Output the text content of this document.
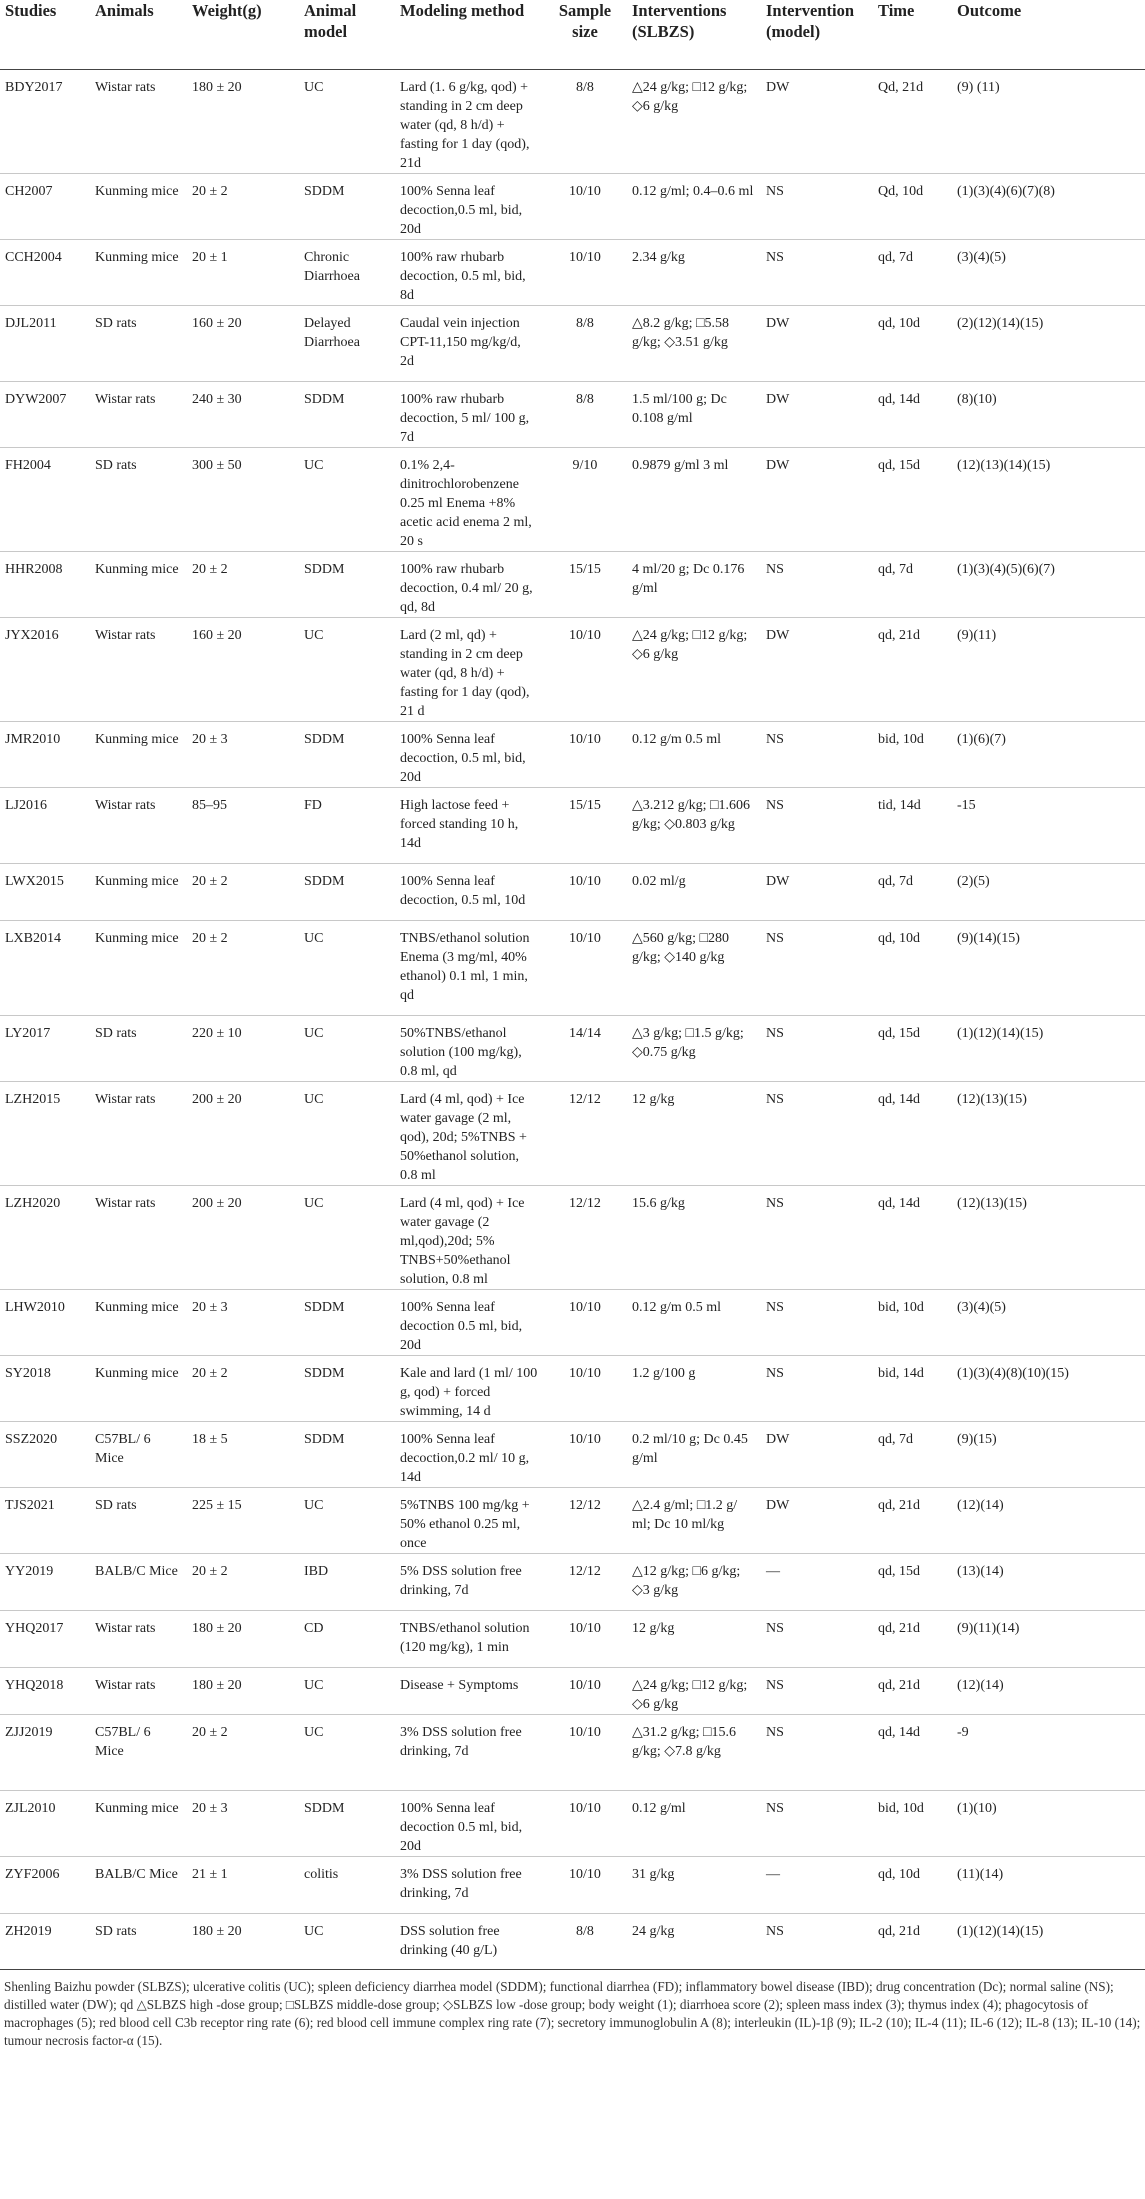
Studies	Animals	Weight(g)	Animal model	Modeling method	Sample size	Interventions (SLBZS)	Intervention (model)	Time	Outcome
BDY2017	Wistar rats	180 ± 20	UC	Lard (1. 6 g/kg, qod) + standing in 2 cm deep water (qd, 8 h/d) + fasting for 1 day (qod), 21d	8/8	△24 g/kg; □12 g/kg; ◇6 g/kg	DW	Qd, 21d	(9) (11)
CH2007	Kunming mice	20 ± 2	SDDM	100% Senna leaf decoction,0.5 ml, bid, 20d	10/10	0.12 g/ml; 0.4–0.6 ml	NS	Qd, 10d	(1)(3)(4)(6)(7)(8)
CCH2004	Kunming mice	20 ± 1	Chronic Diarrhoea	100% raw rhubarb decoction, 0.5 ml, bid, 8d	10/10	2.34 g/kg	NS	qd, 7d	(3)(4)(5)
DJL2011	SD rats	160 ± 20	Delayed Diarrhoea	Caudal vein injection CPT-11,150 mg/kg/d, 2d	8/8	△8.2 g/kg; □5.58 g/kg; ◇3.51 g/kg	DW	qd, 10d	(2)(12)(14)(15)
DYW2007	Wistar rats	240 ± 30	SDDM	100% raw rhubarb decoction, 5 ml/ 100 g, 7d	8/8	1.5 ml/100 g; Dc 0.108 g/ml	DW	qd, 14d	(8)(10)
FH2004	SD rats	300 ± 50	UC	0.1% 2,4-dinitrochlorobenzene 0.25 ml Enema +8% acetic acid enema 2 ml, 20 s	9/10	0.9879 g/ml 3 ml	DW	qd, 15d	(12)(13)(14)(15)
HHR2008	Kunming mice	20 ± 2	SDDM	100% raw rhubarb decoction, 0.4 ml/ 20 g, qd, 8d	15/15	4 ml/20 g; Dc 0.176 g/ml	NS	qd, 7d	(1)(3)(4)(5)(6)(7)
JYX2016	Wistar rats	160 ± 20	UC	Lard (2 ml, qd) + standing in 2 cm deep water (qd, 8 h/d) + fasting for 1 day (qod), 21 d	10/10	△24 g/kg; □12 g/kg; ◇6 g/kg	DW	qd, 21d	(9)(11)
JMR2010	Kunming mice	20 ± 3	SDDM	100% Senna leaf decoction, 0.5 ml, bid, 20d	10/10	0.12 g/m 0.5 ml	NS	bid, 10d	(1)(6)(7)
LJ2016	Wistar rats	85–95	FD	High lactose feed + forced standing 10 h, 14d	15/15	△3.212 g/kg; □1.606 g/kg; ◇0.803 g/kg	NS	tid, 14d	-15
LWX2015	Kunming mice	20 ± 2	SDDM	100% Senna leaf decoction, 0.5 ml, 10d	10/10	0.02 ml/g	DW	qd, 7d	(2)(5)
LXB2014	Kunming mice	20 ± 2	UC	TNBS/ethanol solution Enema (3 mg/ml, 40% ethanol) 0.1 ml, 1 min, qd	10/10	△560 g/kg; □280 g/kg; ◇140 g/kg	NS	qd, 10d	(9)(14)(15)
LY2017	SD rats	220 ± 10	UC	50%TNBS/ethanol solution (100 mg/kg), 0.8 ml, qd	14/14	△3 g/kg; □1.5 g/kg; ◇0.75 g/kg	NS	qd, 15d	(1)(12)(14)(15)
LZH2015	Wistar rats	200 ± 20	UC	Lard (4 ml, qod) + Ice water gavage (2 ml, qod), 20d; 5%TNBS + 50%ethanol solution, 0.8 ml	12/12	12 g/kg	NS	qd, 14d	(12)(13)(15)
LZH2020	Wistar rats	200 ± 20	UC	Lard (4 ml, qod) + Ice water gavage (2 ml,qod),20d; 5% TNBS+50%ethanol solution, 0.8 ml	12/12	15.6 g/kg	NS	qd, 14d	(12)(13)(15)
LHW2010	Kunming mice	20 ± 3	SDDM	100% Senna leaf decoction 0.5 ml, bid, 20d	10/10	0.12 g/m 0.5 ml	NS	bid, 10d	(3)(4)(5)
SY2018	Kunming mice	20 ± 2	SDDM	Kale and lard (1 ml/ 100 g, qod) + forced swimming, 14 d	10/10	1.2 g/100 g	NS	bid, 14d	(1)(3)(4)(8)(10)(15)
SSZ2020	C57BL/ 6 Mice	18 ± 5	SDDM	100% Senna leaf decoction,0.2 ml/ 10 g, 14d	10/10	0.2 ml/10 g; Dc 0.45 g/ml	DW	qd, 7d	(9)(15)
TJS2021	SD rats	225 ± 15	UC	5%TNBS 100 mg/kg + 50% ethanol 0.25 ml, once	12/12	△2.4 g/ml; □1.2 g/ ml; Dc 10 ml/kg	DW	qd, 21d	(12)(14)
YY2019	BALB/C Mice	20 ± 2	IBD	5% DSS solution free drinking, 7d	12/12	△12 g/kg; □6 g/kg; ◇3 g/kg	—	qd, 15d	(13)(14)
YHQ2017	Wistar rats	180 ± 20	CD	TNBS/ethanol solution (120 mg/kg), 1 min	10/10	12 g/kg	NS	qd, 21d	(9)(11)(14)
YHQ2018	Wistar rats	180 ± 20	UC	Disease + Symptoms	10/10	△24 g/kg; □12 g/kg; ◇6 g/kg	NS	qd, 21d	(12)(14)
ZJJ2019	C57BL/ 6 Mice	20 ± 2	UC	3% DSS solution free drinking, 7d	10/10	△31.2 g/kg; □15.6 g/kg; ◇7.8 g/kg	NS	qd, 14d	-9
ZJL2010	Kunming mice	20 ± 3	SDDM	100% Senna leaf decoction 0.5 ml, bid, 20d	10/10	0.12 g/ml	NS	bid, 10d	(1)(10)
ZYF2006	BALB/C Mice	21 ± 1	colitis	3% DSS solution free drinking, 7d	10/10	31 g/kg	—	qd, 10d	(11)(14)
ZH2019	SD rats	180 ± 20	UC	DSS solution free drinking (40 g/L)	8/8	24 g/kg	NS	qd, 21d	(1)(12)(14)(15)
Shenling Baizhu powder (SLBZS); ulcerative colitis (UC); spleen deficiency diarrhea model (SDDM); functional diarrhea (FD); inflammatory bowel disease (IBD); drug concentration (Dc); normal saline (NS); distilled water (DW); qd △SLBZS high -dose group; □SLBZS middle-dose group; ◇SLBZS low -dose group; body weight (1); diarrhoea score (2); spleen mass index (3); thymus index (4); phagocytosis of macrophages (5); red blood cell C3b receptor ring rate (6); red blood cell immune complex ring rate (7); secretory immunoglobulin A (8); interleukin (IL)-1β (9); IL-2 (10); IL-4 (11); IL-6 (12); IL-8 (13); IL-10 (14); tumour necrosis factor-α (15).
